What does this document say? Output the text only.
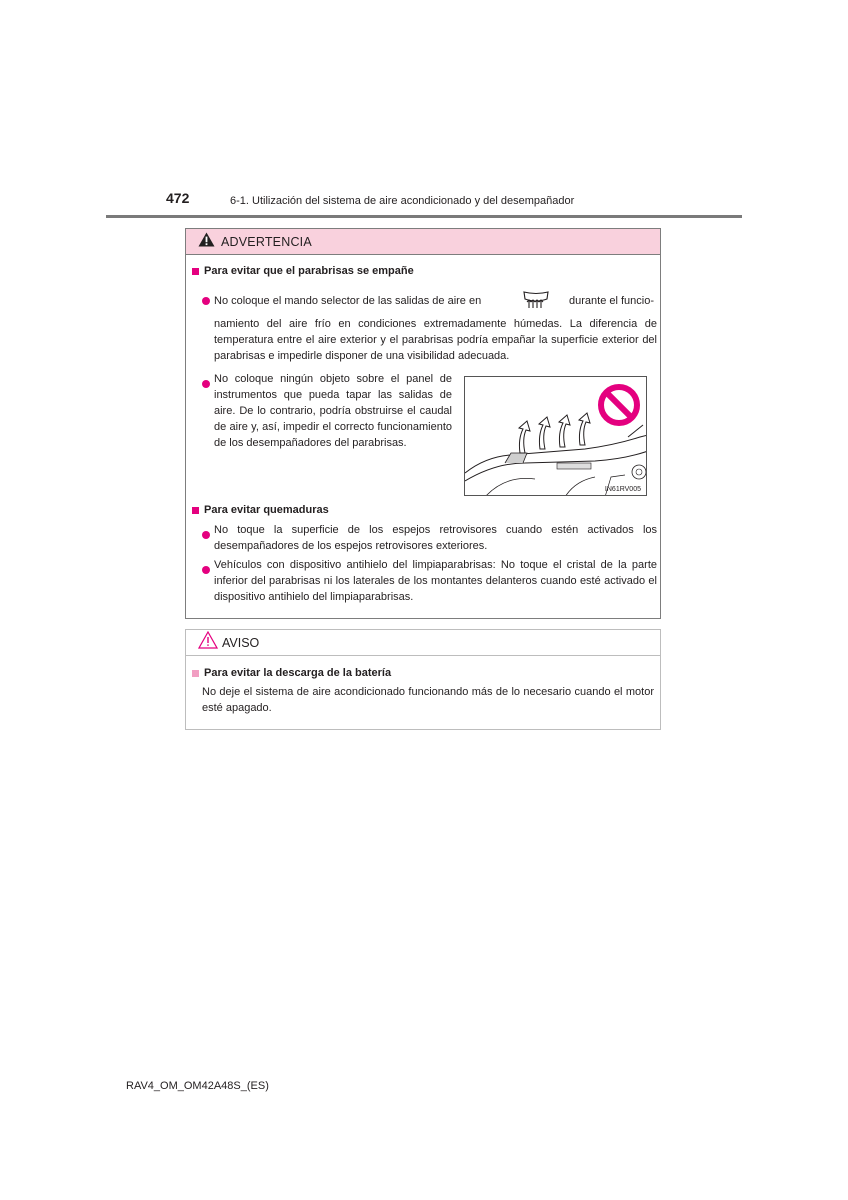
472	6-1. Utilización del sistema de aire acondicionado y del desempañador
ADVERTENCIA
Para evitar que el parabrisas se empañe
No coloque el mando selector de las salidas de aire en	durante el funcio-
namiento del aire frío en condiciones extremadamente húmedas. La diferencia de temperatura entre el aire exterior y el parabrisas podría empañar la superficie exterior del parabrisas e impedirle disponer de una visibilidad adecuada.
No coloque ningún objeto sobre el panel de instrumentos que pueda tapar las salidas de aire. De lo contrario, podría obstruirse el caudal de aire y, así, impedir el correcto funcionamiento de los desempañadores del parabrisas.
IN61RV005
Para evitar quemaduras
No toque la superficie de los espejos retrovisores cuando estén activados los desempañadores de los espejos retrovisores exteriores.
Vehículos con dispositivo antihielo del limpiaparabrisas: No toque el cristal de la parte inferior del parabrisas ni los laterales de los montantes delanteros cuando esté activado el dispositivo antihielo del limpiaparabrisas.
AVISO
Para evitar la descarga de la batería
No deje el sistema de aire acondicionado funcionando más de lo necesario cuando el motor esté apagado.
RAV4_OM_OM42A48S_(ES)
